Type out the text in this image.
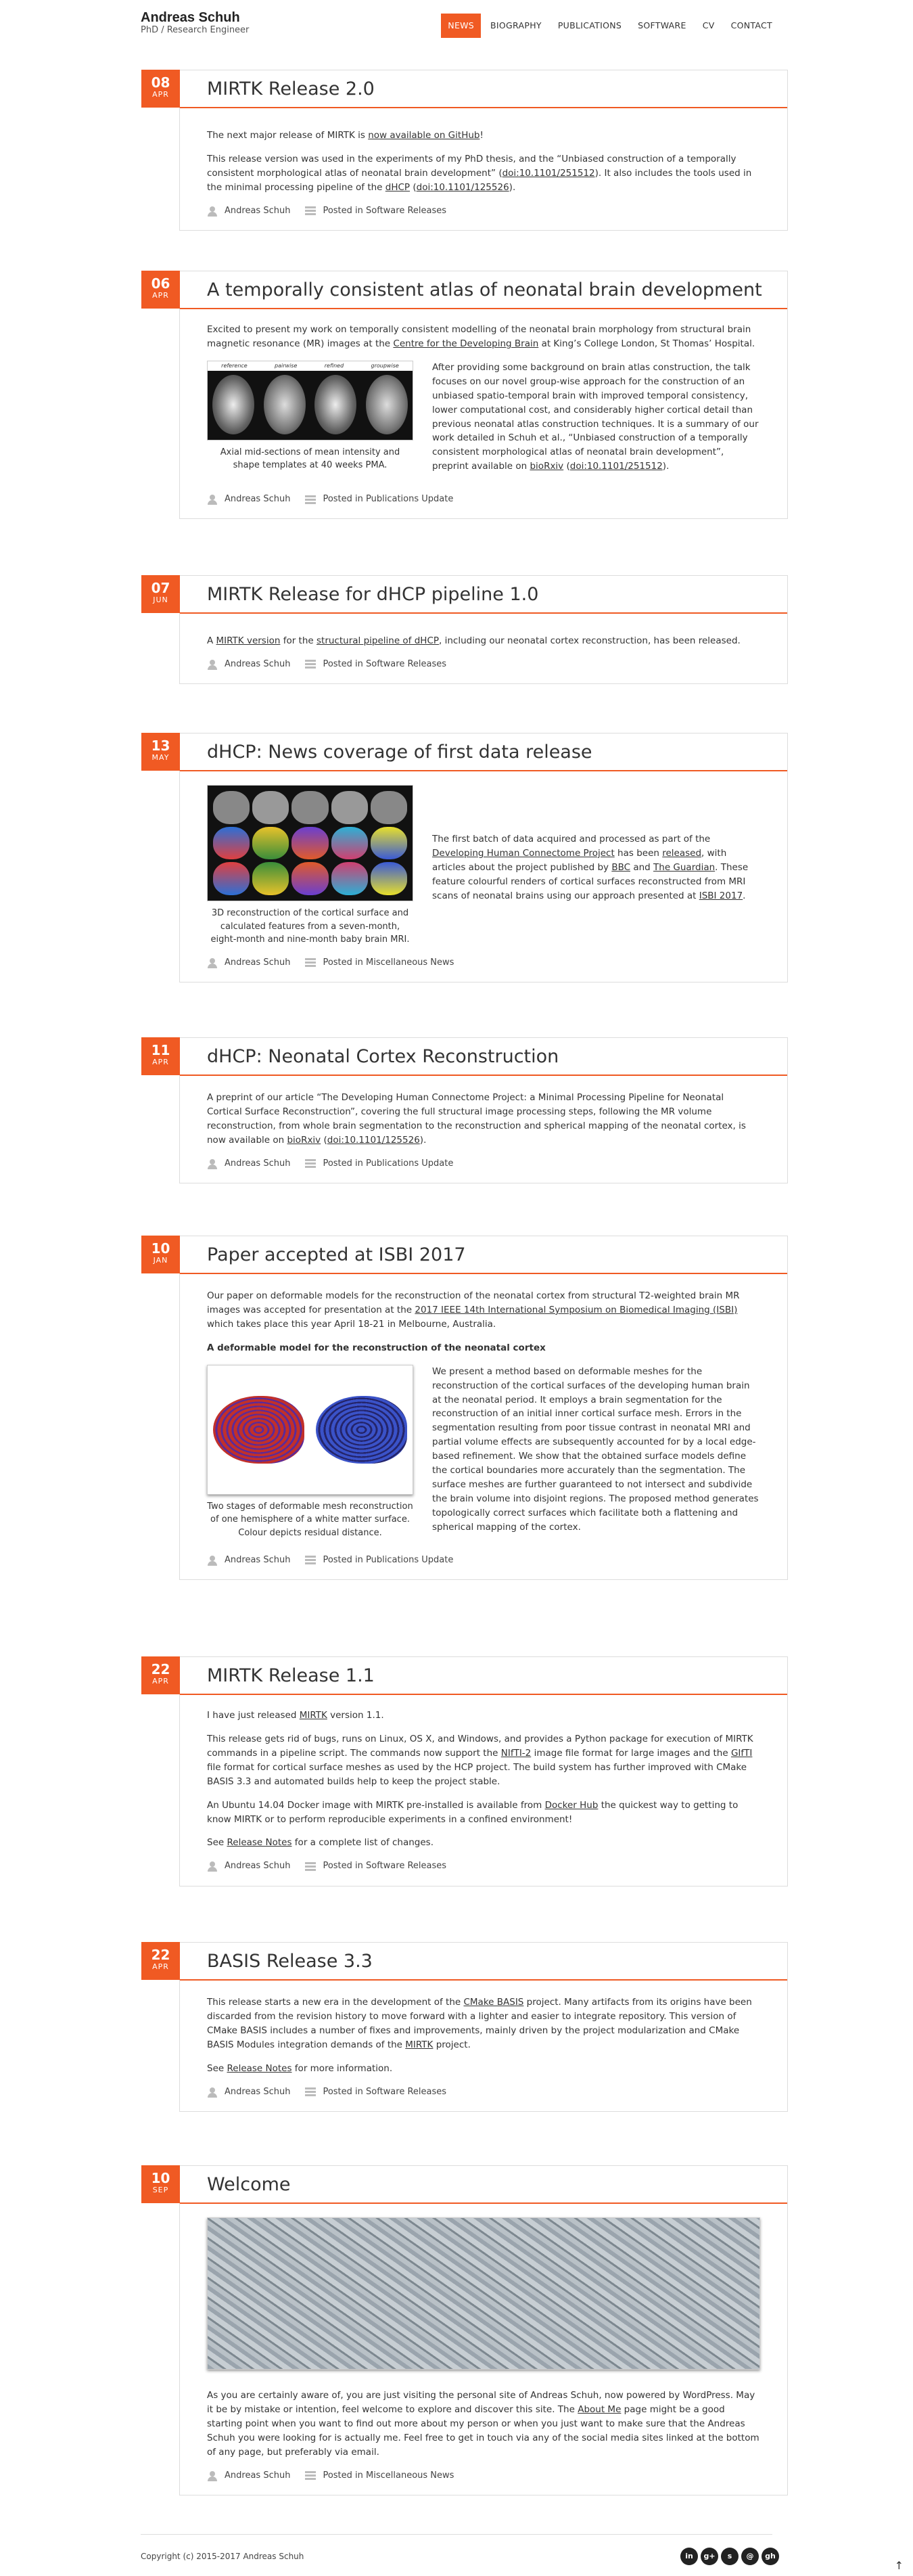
Andreas Schuh
PhD / Research Engineer	NEWS	BIOGRAPHY	PUBLICATIONS	SOFTWARE	CV	CONTACT
08
APR	MIRTK Release 2.0

The next major release of MIRTK is now available on GitHub!

This release version was used in the experiments of my PhD thesis, and the “Unbiased construction of a temporally consistent morphological atlas of neonatal brain development” (doi:10.1101/251512). It also includes the tools used in the minimal processing pipeline of the dHCP (doi:10.1101/125526).

Andreas Schuh	Posted in
Software Releases
06
APR	A temporally consistent atlas of neonatal brain development

Excited to present my work on temporally consistent modelling of the neonatal brain morphology from structural brain magnetic resonance (MR) images at the Centre for the Developing Brain at King’s College London, St Thomas’ Hospital.

reference	pairwise	refined	groupwise
Axial mid-sections of mean intensity and shape templates at 40 weeks PMA.

After providing some background on brain atlas construction, the talk focuses on our novel group-wise approach for the construction of an unbiased spatio-temporal brain with improved temporal consistency, lower computational cost, and considerably higher cortical detail than previous neonatal atlas construction techniques. It is a summary of our work detailed in Schuh et al., “Unbiased construction of a temporally consistent morphological atlas of neonatal brain development”, preprint available on bioRxiv (doi:10.1101/251512).

Andreas Schuh	Posted in
Publications Update
07
JUN	MIRTK Release for dHCP pipeline 1.0

A MIRTK version for the structural pipeline of dHCP, including our neonatal cortex reconstruction, has been released.

Andreas Schuh	Posted in
Software Releases
13
MAY	dHCP: News coverage of first data release
3D reconstruction of the cortical surface and calculated features from a seven-month, eight-month and nine-month baby brain MRI.

The first batch of data acquired and processed as part of the Developing Human Connectome Project has been released, with articles about the project published by BBC and The Guardian. These feature colourful renders of cortical surfaces reconstructed from MRI scans of neonatal brains using our approach presented at ISBI 2017.

Andreas Schuh	Posted in
Miscellaneous News
11
APR	dHCP: Neonatal Cortex Reconstruction

A preprint of our article “The Developing Human Connectome Project: a Minimal Processing Pipeline for Neonatal Cortical Surface Reconstruction”, covering the full structural image processing steps, following the MR volume reconstruction, from whole brain segmentation to the reconstruction and spherical mapping of the neonatal cortex, is now available on bioRxiv (doi:10.1101/125526).

Andreas Schuh	Posted in
Publications Update
10
JAN	Paper accepted at ISBI 2017

Our paper on deformable models for the reconstruction of the neonatal cortex from structural T2-weighted brain MR images was accepted for presentation at the 2017 IEEE 14th International Symposium on Biomedical Imaging (ISBI) which takes place this year April 18-21 in Melbourne, Australia.

A deformable model for the reconstruction of the neonatal cortex
Two stages of deformable mesh reconstruction of one hemisphere of a white matter surface. Colour depicts residual distance.

We present a method based on deformable meshes for the reconstruction of the cortical surfaces of the developing human brain at the neonatal period. It employs a brain segmentation for the reconstruction of an initial inner cortical surface mesh. Errors in the segmentation resulting from poor tissue contrast in neonatal MRI and partial volume effects are subsequently accounted for by a local edge-based refinement. We show that the obtained surface models define the cortical boundaries more accurately than the segmentation. The surface meshes are further guaranteed to not intersect and subdivide the brain volume into disjoint regions. The proposed method generates topologically correct surfaces which facilitate both a flattening and spherical mapping of the cortex.

Andreas Schuh	Posted in
Publications Update
22
APR	MIRTK Release 1.1

I have just released MIRTK version 1.1.

This release gets rid of bugs, runs on Linux, OS X, and Windows, and provides a Python package for execution of MIRTK commands in a pipeline script. The commands now support the NIfTI-2 image file format for large images and the GIfTI file format for cortical surface meshes as used by the HCP project. The build system has further improved with CMake BASIS 3.3 and automated builds help to keep the project stable.

An Ubuntu 14.04 Docker image with MIRTK pre-installed is available from Docker Hub the quickest way to getting to know MIRTK or to perform reproducible experiments in a confined environment!

See Release Notes for a complete list of changes.

Andreas Schuh	Posted in
Software Releases
22
APR	BASIS Release 3.3

This release starts a new era in the development of the CMake BASIS project. Many artifacts from its origins have been discarded from the revision history to move forward with a lighter and easier to integrate repository. This version of CMake BASIS includes a number of fixes and improvements, mainly driven by the project modularization and CMake BASIS Modules integration demands of the MIRTK project.

See Release Notes for more information.

Andreas Schuh	Posted in
Software Releases
10
SEP	Welcome

As you are certainly aware of, you are just visiting the personal site of Andreas Schuh, now powered by WordPress. May it be by mistake or intention, feel welcome to explore and discover this site. The About Me page might be a good starting point when you want to find out more about my person or when you just want to make sure that the Andreas Schuh you were looking for is actually me. Feel free to get in touch via any of the social media sites linked at the bottom of any page, but preferably via email.

Andreas Schuh	Posted in
Miscellaneous News
Copyright (c) 2015-2017 Andreas Schuh	in	g+	s	@	gh
↑
